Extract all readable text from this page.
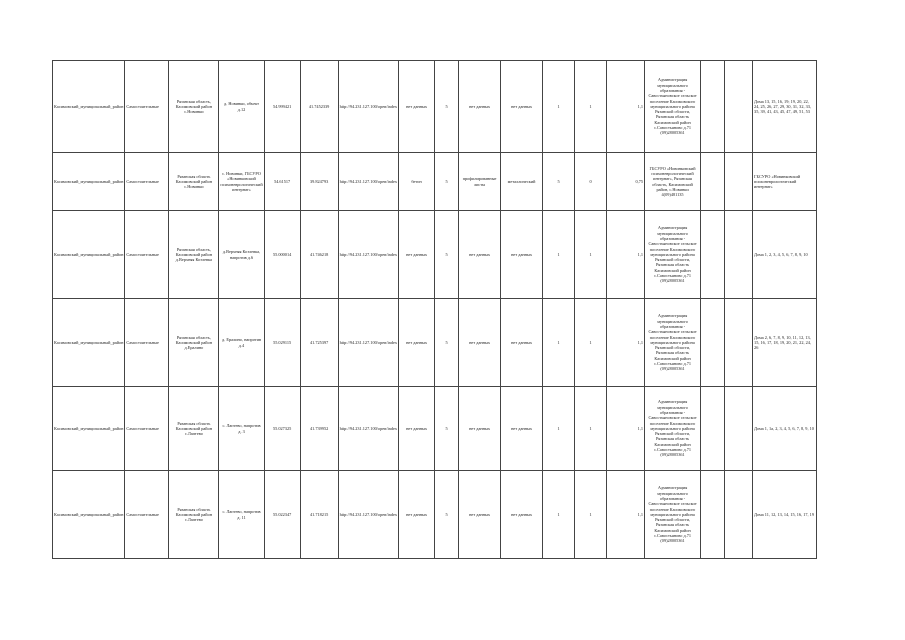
Касимовский_муниципальный_район	Самостоятельные	Рязанская область, Касимовский район с.Новинки	д. Новинки, объект д.12	54.999421	41.7452339	http://94.231.127.100/open/index	нет данных	5	нет данных	нет данных	1	1	1,1	Администрация муниципального образования - Савостьяновское сельское поселение Касимовского муниципального района Рязанской области, Рязанская область Касимовский район с.Савостьяново д.71 (09)28005361			Дома 13, 15, 16, 19; 19, 20, 22, 24, 25, 26, 27, 29, 30, 31, 32, 33, 35, 39, 41, 43, 45, 47, 49, 51, 53
Касимовский_муниципальный_район	Самостоятельные	Рязанская область Касимовский район с.Новинки	с. Новинки, ГБСУРО «Новинковский психоневрологический интернат»	54.61517	39.824793	http://94.231.127.100/open/index	бетон	5	профилированные листы	металлический	5	0	0,75	ГБСУРО «Новинковский психоневрологический интернат», Рязанская область, Касимовский район, с.Новинки 4(09)481135			ГБСУРО «Новинковский психоневрологический интернат»
Касимовский_муниципальный_район	Самостоятельные	Рязанская область, Касимовский район д.Верхняя Козлевка	д.Верхняя Козлевка, напротив д.6	55.000014	41.746218	http://94.231.127.100/open/index	нет данных	5	нет данных	нет данных	1	1	1,1	Администрация муниципального образования - Савостьяновское сельское поселение Касимовского муниципального района Рязанской области, Рязанская область Касимовский район с.Савостьяново д.71 (09)28005361			Дома 1, 2, 3, 4, 5, 6, 7, 8, 9, 10
Касимовский_муниципальный_район	Самостоятельные	Рязанская область, Касимовский район д.Ералино	д. Ералино, напротив д.4	55.029115	41.725397	http://94.231.127.100/open/index	нет данных	5	нет данных	нет данных	1	1	1,1	Администрация муниципального образования - Савостьяновское сельское поселение Касимовского муниципального района Рязанской области, Рязанская область Касимовский район с.Савостьяново д.71 (09)28005361			Дома 2, 6, 7, 8, 9, 10, 11, 12, 13, 15, 16, 17, 18, 19, 20, 21, 22, 24, 26
Касимовский_муниципальный_район	Самостоятельные	Рязанская область Касимовский район с.Лаптево	с. Лаптево, напротив д. 3	55.027325	41.739952	http://94.231.127.100/open/index	нет данных	5	нет данных	нет данных	1	1	1,1	Администрация муниципального образования - Савостьяновское сельское поселение Касимовского муниципального района Рязанской области, Рязанская область Касимовский район с.Савостьяново д.71 (09)28005361			Дома 1, 1а, 2, 3, 4, 5, 6, 7, 8, 9, 10
Касимовский_муниципальный_район	Самостоятельные	Рязанская область Касимовский район с.Лаптево	с. Лаптево, напротив д. 11	55.022347	41.718215	http://94.231.127.100/open/index	нет данных	5	нет данных	нет данных	1	1	1,1	Администрация муниципального образования - Савостьяновское сельское поселение Касимовского муниципального района Рязанской области, Рязанская область Касимовский район с.Савостьяново д.71 (09)28005361			Дома 11, 12, 13, 14, 15, 16, 17, 19
